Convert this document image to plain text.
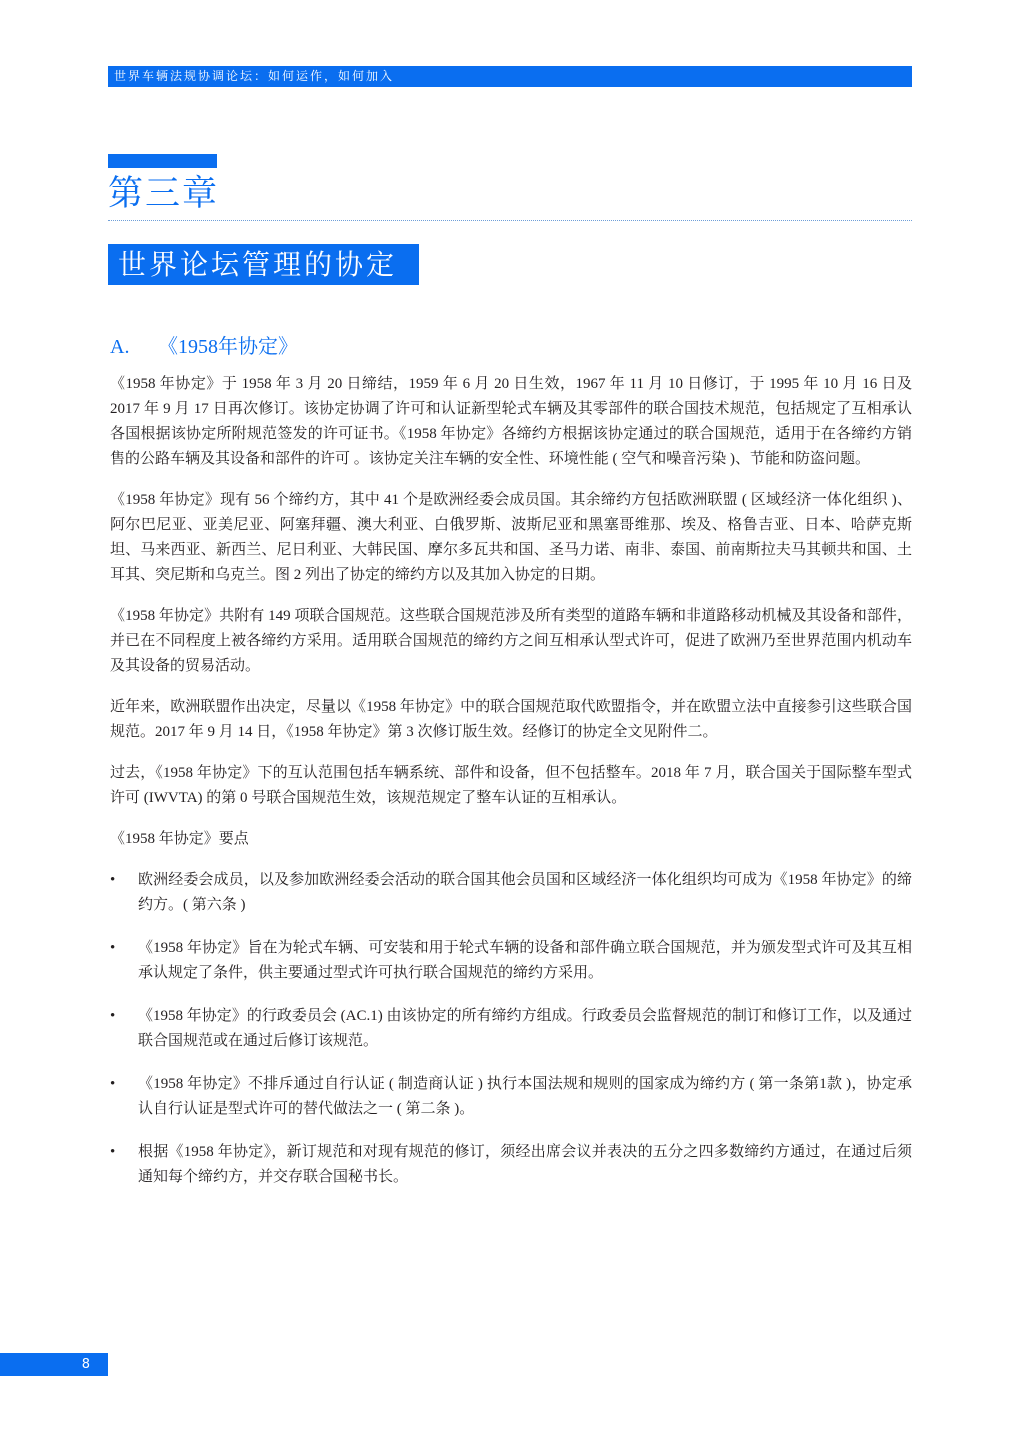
世界车辆法规协调论坛：如何运作，如何加入
第三章
世界论坛管理的协定
A. 《1958年协定》

《1958 年协定》于 1958 年 3 月 20 日缔结，1959 年 6 月 20 日生效，1967 年 11 月 10 日修订，于 1995 年 10 月 16 日及 2017 年 9 月 17 日再次修订。该协定协调了许可和认证新型轮式车辆及其零部件的联合国技术规范，包括规定了互相承认各国根据该协定所附规范签发的许可证书。《1958 年协定》各缔约方根据该协定通过的联合国规范，适用于在各缔约方销售的公路车辆及其设备和部件的许可 。该协定关注车辆的安全性、环境性能 ( 空气和噪音污染 )、节能和防盗问题。

《1958 年协定》现有 56 个缔约方，其中 41 个是欧洲经委会成员国。其余缔约方包括欧洲联盟 ( 区域经济一体化组织 )、阿尔巴尼亚、亚美尼亚、阿塞拜疆、澳大利亚、白俄罗斯、波斯尼亚和黑塞哥维那、埃及、格鲁吉亚、日本、哈萨克斯坦、马来西亚、新西兰、尼日利亚、大韩民国、摩尔多瓦共和国、圣马力诺、南非、泰国、前南斯拉夫马其顿共和国、土耳其、突尼斯和乌克兰。图 2 列出了协定的缔约方以及其加入协定的日期。

《1958 年协定》共附有 149 项联合国规范。这些联合国规范涉及所有类型的道路车辆和非道路移动机械及其设备和部件，并已在不同程度上被各缔约方采用。适用联合国规范的缔约方之间互相承认型式许可，促进了欧洲乃至世界范围内机动车及其设备的贸易活动。

近年来，欧洲联盟作出决定，尽量以《1958 年协定》中的联合国规范取代欧盟指令，并在欧盟立法中直接参引这些联合国规范。2017 年 9 月 14 日，《1958 年协定》第 3 次修订版生效。经修订的协定全文见附件二。

过去，《1958 年协定》下的互认范围包括车辆系统、部件和设备，但不包括整车。2018 年 7 月，联合国关于国际整车型式许可 (IWVTA) 的第 0 号联合国规范生效，该规范规定了整车认证的互相承认。

《1958 年协定》要点

• 欧洲经委会成员，以及参加欧洲经委会活动的联合国其他会员国和区域经济一体化组织均可成为《1958 年协定》的缔约方。( 第六条 )
• 《1958 年协定》旨在为轮式车辆、可安装和用于轮式车辆的设备和部件确立联合国规范，并为颁发型式许可及其互相承认规定了条件，供主要通过型式许可执行联合国规范的缔约方采用。
• 《1958 年协定》的行政委员会 (AC.1) 由该协定的所有缔约方组成。行政委员会监督规范的制订和修订工作，以及通过联合国规范或在通过后修订该规范。
• 《1958 年协定》不排斥通过自行认证 ( 制造商认证 ) 执行本国法规和规则的国家成为缔约方 ( 第一条第1款 )，协定承认自行认证是型式许可的替代做法之一 ( 第二条 )。
• 根据《1958 年协定》，新订规范和对现有规范的修订，须经出席会议并表决的五分之四多数缔约方通过，在通过后须通知每个缔约方，并交存联合国秘书长。
8
